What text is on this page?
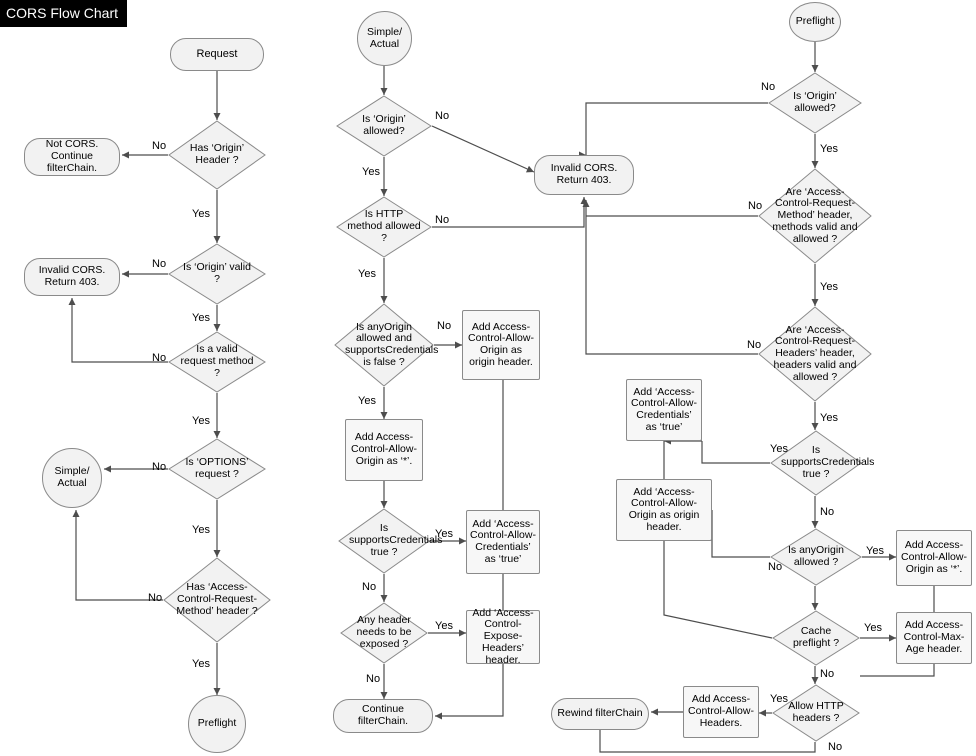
Request
Has ‘Origin’ Header ?
Not CORS. Continue filterChain.
Is ‘Origin’ valid ?
Invalid CORS. Return 403.
Is a valid request method ?
Is ‘OPTIONS’ request ?
Simple/ Actual
Has ‘Access-Control-Request-Method’ header ?
Preflight
Simple/ Actual
Is ‘Origin’ allowed?
Invalid CORS. Return 403.
Is HTTP method allowed ?
Is anyOrigin allowed and supportsCredentials is false ?
Add Access-Control-Allow-Origin as origin header.
Add Access-Control-Allow-Origin as ‘*’.
Is supportsCredentials true ?
Add ‘Access-Control-Allow-Credentials’ as ‘true’
Any header needs to be exposed ?
Add ‘Access-Control-Expose-Headers’ header.
Continue filterChain.
Preflight
Is ‘Origin’ allowed?
Are ‘Access-Control-Request-Method’ header, methods valid and allowed ?
Are ‘Access-Control-Request-Headers’ header, headers valid and allowed ?
Add ‘Access-Control-Allow-Credentials’ as ‘true’
Is supportsCredentials true ?
Add ‘Access-Control-Allow-Origin as origin header.
Is anyOrigin allowed ?
Add Access-Control-Allow-Origin as ‘*’.
Cache preflight ?
Add Access-Control-Max-Age header.
Allow HTTP headers ?
Add Access-Control-Allow-Headers.
Rewind filterChain
No
Yes
No
Yes
No
Yes
No
Yes
No
Yes
No
Yes
No
Yes
No
Yes
Yes
No
Yes
No
No
Yes
No
Yes
No
Yes
Yes
No
No
Yes
Yes
No
Yes
No
CORS Flow Chart
